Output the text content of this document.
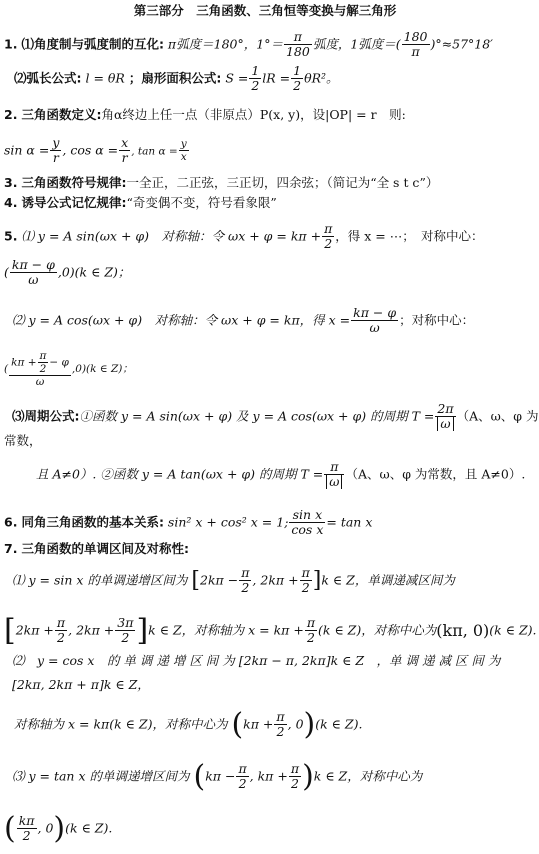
第三部分　三角函数、三角恒等变换与解三角形
1. ⑴角度制与弧度制的互化: π弧度＝180°，$1^\circ= \frac{\pi}{180}$ 弧度，1弧度＝( $\frac{180}{\pi} )^\circ\approx 57^\circ 18'$
⑵弧长公式: l = θR ；扇形面积公式: $S = \frac{1}{2}$ lR = $\frac{1}{2} \theta R^2$。
2. 三角函数定义:角α终边上任一点（非原点）P(x, y)，设|OP| = r　则:
$\sin \alpha = \frac{y}{r}$ , $\cos \alpha = \frac{x}{r}$ , $\tan \alpha = \frac{y}{x}$
3. 三角函数符号规律:一全正，二正弦，三正切，四余弦；（简记为“全 s t c”）
4. 诱导公式记忆规律:“奇变偶不变，符号看象限”
5. ⑴ y = A sin(ωx + φ)　对称轴：令 $\omega x + \varphi = k\pi + \frac{\pi}{2}$ ，得 x = ⋯；　对称中心：
( $\frac{k\pi - \varphi}{\omega} ,0)(k$ ∈ Z)；
⑵ y = A cos(ωx + φ)　对称轴：令 ωx + φ = kπ，得 $x = \frac{k\pi - \varphi}{\omega}$ ；对称中心：
( $\frac{k\pi + \frac{\pi}{2} - \varphi}{\omega} ,0)(k$ ∈ Z)；
⑶周期公式:①函数 y = A sin(ωx + φ) 及 y = A cos(ωx + φ) 的周期 $T = \frac{2\pi}{\omega} (A$、ω、φ 为
常数，
且 A≠0）. ②函数 y = A tan(ωx + φ) 的周期 $T = \frac{\pi}{\omega} (A$、ω、φ 为常数，且 A≠0）.
6. 同角三角函数的基本关系: sin² x + cos² x = 1; $\frac{\text{sin x}}{\text{cos x}} = \tan x$
7. 三角函数的单调区间及对称性:
⑴ y = sin x 的单调递增区间为 [$2k\pi - \frac{\pi}{2}$ , $2k\pi + \frac{\pi}{2} ]k$ ∈ Z，单调递减区间为
[$2k\pi + \frac{\pi}{2}$ , $2k\pi + \frac{3\pi}{2} ]k$ ∈ Z，对称轴为 $x = k\pi + \frac{\pi}{2} (k$ ∈ Z)，对称中心为(kπ, 0)(k ∈ Z).
⑵　y = cos x　的 单 调 递 增 区 间 为 [2kπ − π, 2kπ]k ∈ Z　，单 调 递 减 区 间 为
[2kπ, 2kπ + π]k ∈ Z，
对称轴为 x = kπ(k ∈ Z)，对称中心为 ($k\pi + \frac{\pi}{2}$ , 0)(k ∈ Z).
⑶ y = tan x 的单调递增区间为 ($k\pi - \frac{\pi}{2}$ , $k\pi + \frac{\pi}{2} )k$ ∈ Z，对称中心为
( $\frac{k\pi}{2}$ , 0)(k ∈ Z).
